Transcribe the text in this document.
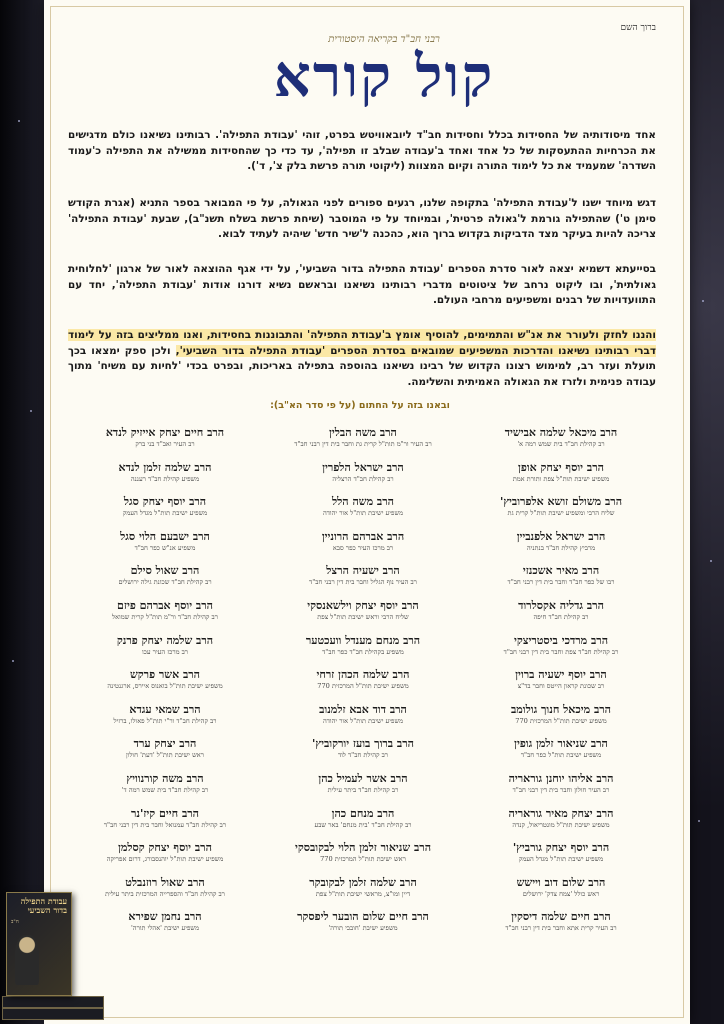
ברוך השם
רבני חב"ד בקריאה היסטורית
קול קורא
אחד מיסודותיה של החסידות בכלל וחסידות חב"ד ליובאוויטש בפרט, זוהי 'עבודת התפילה'. רבותינו נשיאנו כולם מדגישים את הכרחיות ההתעסקות של כל אחד ואחד ב'עבודה שבלב זו תפילה', עד כדי כך שהחסידות ממשילה את התפילה כ'עמוד השדרה' שמעמיד את כל לימוד התורה וקיום המצוות (ליקוטי תורה פרשת בלק צ', ד').
דגש מיוחד ישנו ל'עבודת התפילה' בתקופה שלנו, רגעים ספורים לפני הגאולה, על פי המבואר בספר התניא (אגרת הקודש סימן ט') שהתפילה גורמת ל'גאולה פרטית', ובמיוחד על פי המוסבר (שיחת פרשת בשלח תשנ"ב), שבעת 'עבודת התפילה' צריכה להיות בעיקר מצד הדביקות בקדוש ברוך הוא, כהכנה ל'שיר חדש' שיהיה לעתיד לבוא.
בסייעתא דשמיא יצאה לאור סדרת הספרים 'עבודת התפילה בדור השביעי', על ידי אגף ההוצאה לאור של ארגון 'לחלוחית גאולתית', ובו ליקוט נרחב של ציטוטים מדברי רבותינו נשיאנו ובראשם נשיא דורנו אודות 'עבודת התפילה', יחד עם התוועדויות של רבנים ומשפיעים מרחבי העולם.
והננו לחזק ולעורר את אנ"ש והתמימים, להוסיף אומץ ב'עבודת התפילה' והתבוננות בחסידות, ואנו ממליצים בזה על לימוד דברי רבותינו נשיאנו והדרכות המשפיעים שמובאים בסדרת הספרים 'עבודת התפילה בדור השביעי', ולכן ספק ימצאו בכך תועלת ועזר רב, למימוש רצונו הקדוש של רבינו נשיאנו בהוספה בתפילה באריכות, ובפרט בכדי 'לחיות עם משיח' מתוך עבודה פנימית ולזרז את הגאולה האמיתית והשלימה.
ובאנו בזה על החתום (על פי סדר הא"ב):
הרב מיכאל שלמה אבישיד
רב קהילת חב"ד בית שמש רמה א'
הרב משה הבלין
רב העיר ור"מ תות"ל קרית גת וחבר בית דין רבני חב"ד
הרב חיים יצחק אייזיק לנדא
רב העיר ואב"ד בני ברק
הרב יוסף יצחק אופן
משפיע ישיבת תות"ל צפת ותורת אמת
הרב ישראל הלפרין
רב קהילת חב"ד הרצליה
הרב שלמה זלמן לנדא
משפיע קהילת חב"ד רעננה
הרב משולם זושא אלפרוביץ'
שליח הרבי ומשפיע ישיבת תות"ל קרית גת
הרב משה הלל
משפיע ישיבת תות"ל אור יהודה
הרב יוסף יצחק סגל
משפיע ישיבת תות"ל מגדל העמק
הרב ישראל אלפנביין
מרביץ קהילת חב"ד בנתניה
הרב אברהם הרוניין
רב מרכז העיר כפר סבא
הרב ישבעם הלוי סגל
משפיע אנ"ש כפר חב"ד
הרב מאיר אשכנזי
רבו של כפר חב"ד וחבר בית דין רבני חב"ד
הרב ישעיה הרצל
רב העיר נוף הגליל וחבר בית דין רבני חב"ד
הרב שאול סילם
רב קהילת חב"ד שכונת גילה ירושלים
הרב גדליה אקסלרוד
רב קהילת חב"ד חיפה
הרב יוסף יצחק וילשאנסקי
שליח הרבי וראש ישיבת תות"ל צפת
הרב יוסף אברהם פיזם
רב קהילת חב"ד ור"מ תות"ל קרית שמואל
הרב מרדכי ביסטריצקי
רב קהילת חב"ד צפת וחבר בית דין רבני חב"ד
הרב מנחם מענדל וועכטער
משפיע בקהילת חב"ד כפר חב"ד
הרב שלמה יצחק פרנק
רב מרכז העיר עכו
הרב יוסף ישעיה ברוין
רב שכונת קראון הייטס וחבר בד"צ
הרב שלמה הכהן זרחי
משפיע ישיבת תות"ל המרכזית 770
הרב אשר פרקש
משפיע ישיבת תות"ל בואנוס איירס, ארגנטינה
הרב מיכאל חנוך גולומב
משפיע ישיבת תות"ל המרכזית 770
הרב דוד אבא זלמנוב
משפיע ישיבת תות"ל אור יהודה
הרב שמאי עגדא
רב קהילת חב"ד ור"י תות"ל פאולו, ברזיל
הרב שניאור זלמן גופין
משפיע ישיבת תות"ל כפר חב"ד
הרב ברוך בועז יורקוביץ'
רב קהילת חב"ד לוד
הרב יצחק ערד
ראש ישיבת תות"ל 'דעת' חולון
הרב אליהו יוחנן גוראריה
רב העיר חולון וחבר בית דין רבני חב"ד
הרב אשר לעמיל כהן
רב קהילת חב"ד ביתר עילית
הרב משה קורנוויץ
רב קהילת חב"ד בית שמש רמה ד'
הרב יצחק מאיר גוראריה
משפיע ישיבת תות"ל מונטריאול, קנדה
הרב מנחם כהן
רב קהילת חב"ד 'בית מנחם' באר שבע
הרב חיים קיז'נר
רב קהילת חב"ד עמנואל וחבר בית דין רבני חב"ד
הרב יוסף יצחק גורביץ'
משפיע ישיבת תות"ל מגדל העמק
הרב שניאור זלמן הלוי לבקובסקי
ראש ישיבת תות"ל המרכזית 770
הרב יוסף יצחק קסלמן
משפיע ישיבת תות"ל יוהנסבורג, דרום אפריקה
הרב שלום דוב ויישש
ראש כולל 'צמח צדק' ירושלים
הרב שלמה זלמן לבקובקר
דיין ומו"צ, מראשי ישיבת תות"ל צפת
הרב שאול רוזנבלט
רב קהילת חב"ד והספרייה המרכזית ביתר עילית
הרב חיים שלמה דיסקין
רב העיר קרית אתא וחבר בית דין רבני חב"ד
הרב חיים שלום הובער ליפסקר
משפיע ישיבת 'חובבי תורה'
הרב נחמן שפירא
משפיע ישיבת 'אהלי תורה'
עבודת התפילה בדור השביעי
ח"ב
